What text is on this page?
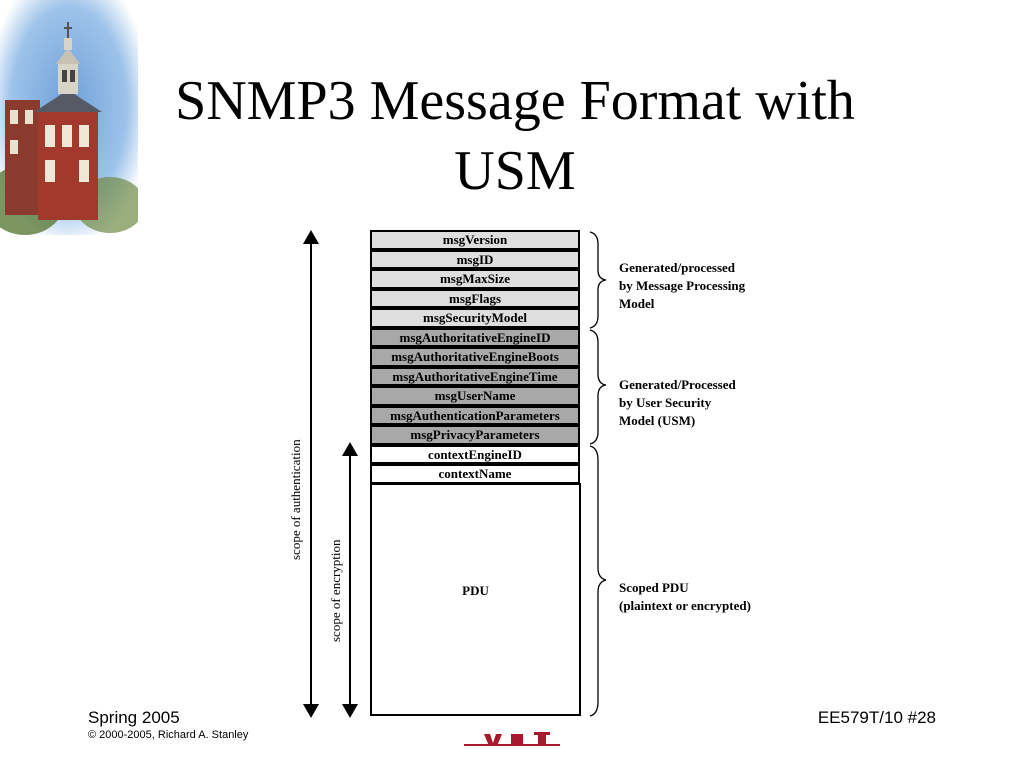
SNMP3 Message Format with USM
scope of authentication
scope of encryption
msgVersion
msgID
msgMaxSize
msgFlags
msgSecurityModel
msgAuthoritativeEngineID
msgAuthoritativeEngineBoots
msgAuthoritativeEngineTime
msgUserName
msgAuthenticationParameters
msgPrivacyParameters
contextEngineID
contextName
PDU
Generated/processed
by Message Processing
Model
Generated/Processed
by User Security
Model (USM)
Scoped PDU
(plaintext or encrypted)
Spring 2005
© 2000-2005, Richard A. Stanley
EE579T/10 #28
